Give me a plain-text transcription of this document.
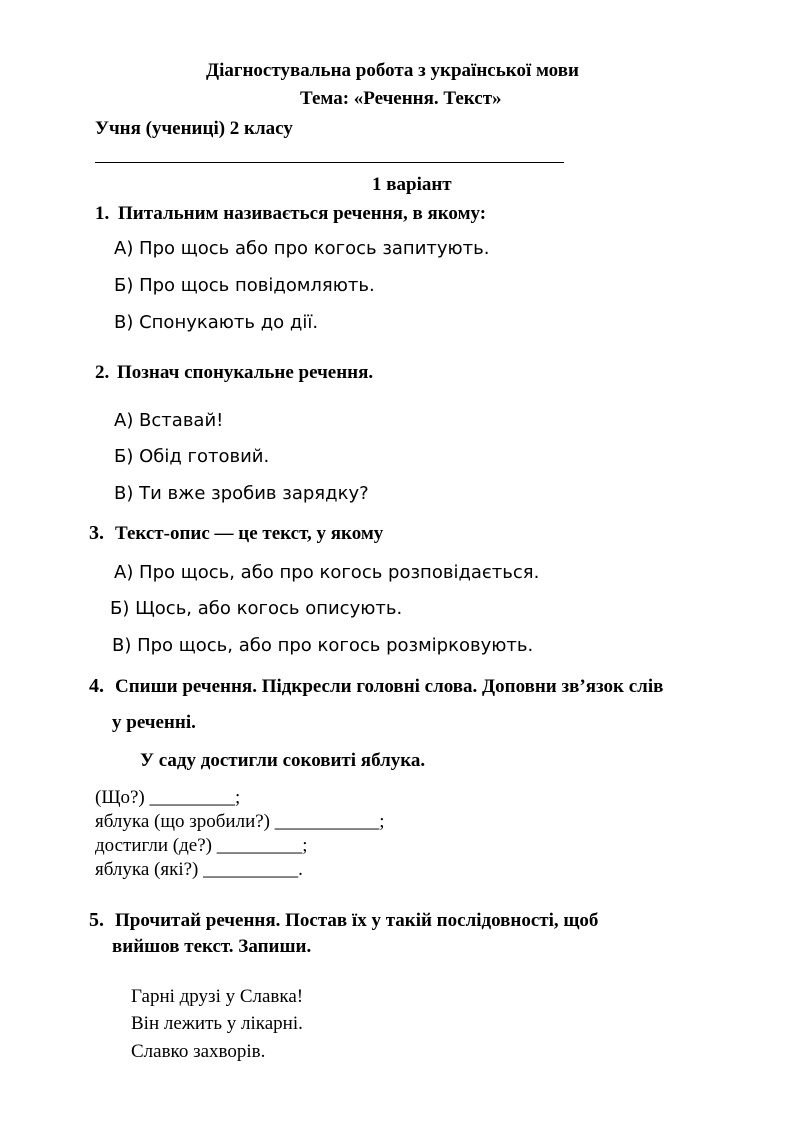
Діагностувальна робота з української мови
Тема: «Речення. Текст»
Учня (учениці) 2 класу
1 варіант
1. Питальним називається речення, в якому:
А) Про щось або про когось запитують.
Б) Про щось повідомляють.
В) Спонукають до дії.
2. Познач спонукальне речення.
А) Вставай!
Б) Обід готовий.
В) Ти вже зробив зарядку?
3. Текст-опис — це текст, у якому
А) Про щось, або про когось розповідається.
Б) Щось, або когось описують.
В) Про щось, або про когось розмірковують.
4. Спиши речення. Підкресли головні слова. Доповни зв’язок слів
у реченні.
У саду достигли соковиті яблука.
(Що?) _________;
яблука (що зробили?) ___________;
достигли (де?) _________;
яблука (які?) __________.
5. Прочитай речення. Постав їх у такій послідовності, щоб
вийшов текст. Запиши.
Гарні друзі у Славка!
Він лежить у лікарні.
Славко захворів.
